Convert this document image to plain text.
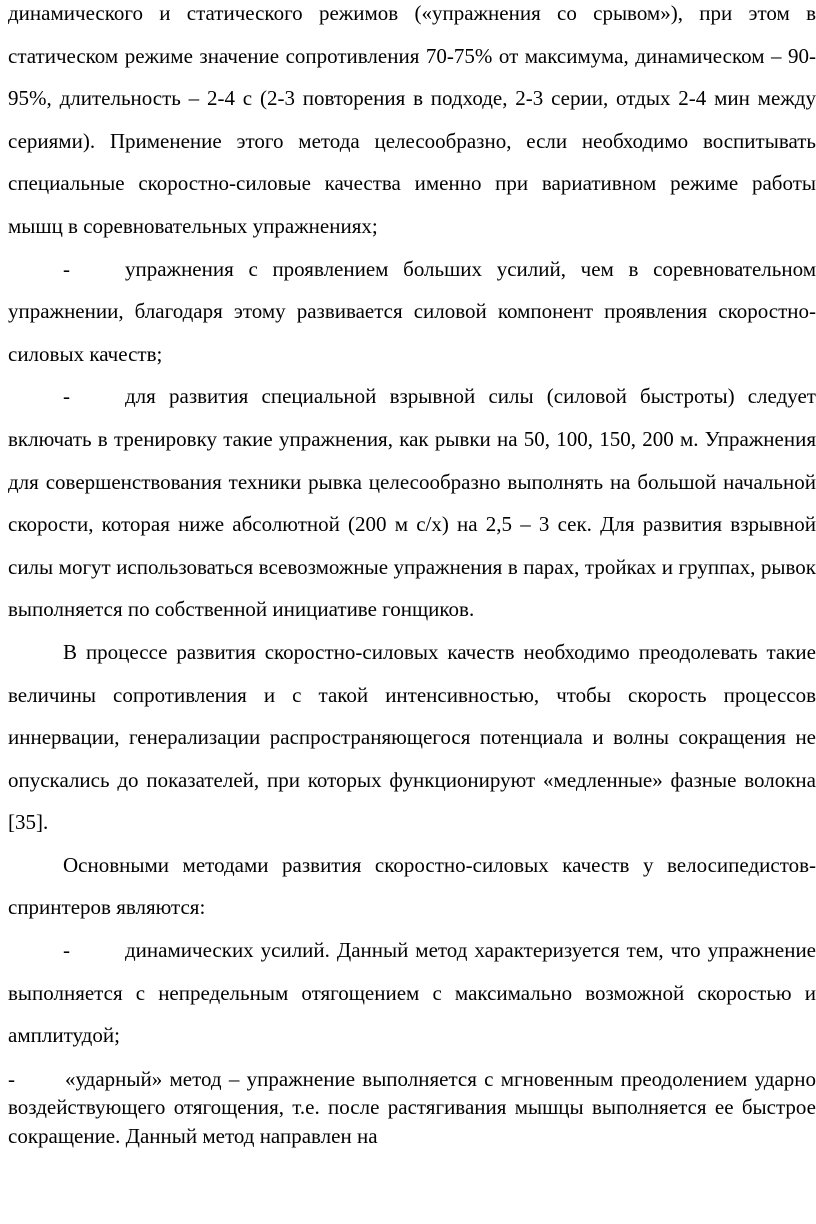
динамического и статического режимов («упражнения со срывом»), при этом в статическом режиме значение сопротивления 70-75% от максимума, динамическом – 90-95%, длительность – 2-4 с (2-3 повторения в подходе, 2-3 серии, отдых 2-4 мин между сериями). Применение этого метода целесообразно, если необходимо воспитывать специальные скоростно-силовые качества именно при вариативном режиме работы мышц в соревновательных упражнениях;

-	упражнения с проявлением больших усилий, чем в соревновательном упражнении, благодаря этому развивается силовой компонент проявления скоростно-силовых качеств;

-	для развития специальной взрывной силы (силовой быстроты) следует включать в тренировку такие упражнения, как рывки на 50, 100, 150, 200 м. Упражнения для совершенствования техники рывка целесообразно выполнять на большой начальной скорости, которая ниже абсолютной (200 м с/х) на 2,5 – 3 сек. Для развития взрывной силы могут использоваться всевозможные упражнения в парах, тройках и группах, рывок выполняется по собственной инициативе гонщиков.

В процессе развития скоростно-силовых качеств необходимо преодолевать такие величины сопротивления и с такой интенсивностью, чтобы скорость процессов иннервации, генерализации распространяющегося потенциала и волны сокращения не опускались до показателей, при которых функционируют «медленные» фазные волокна [35].

Основными методами развития скоростно-силовых качеств у велосипедистов-спринтеров являются:

-	динамических усилий. Данный метод характеризуется тем, что упражнение выполняется с непредельным отягощением с максимально возможной скоростью и амплитудой;

- «ударный» метод – упражнение выполняется с мгновенным преодолением ударно воздействующего отягощения, т.е. после растягивания мышцы выполняется ее быстрое сокращение. Данный метод направлен на
